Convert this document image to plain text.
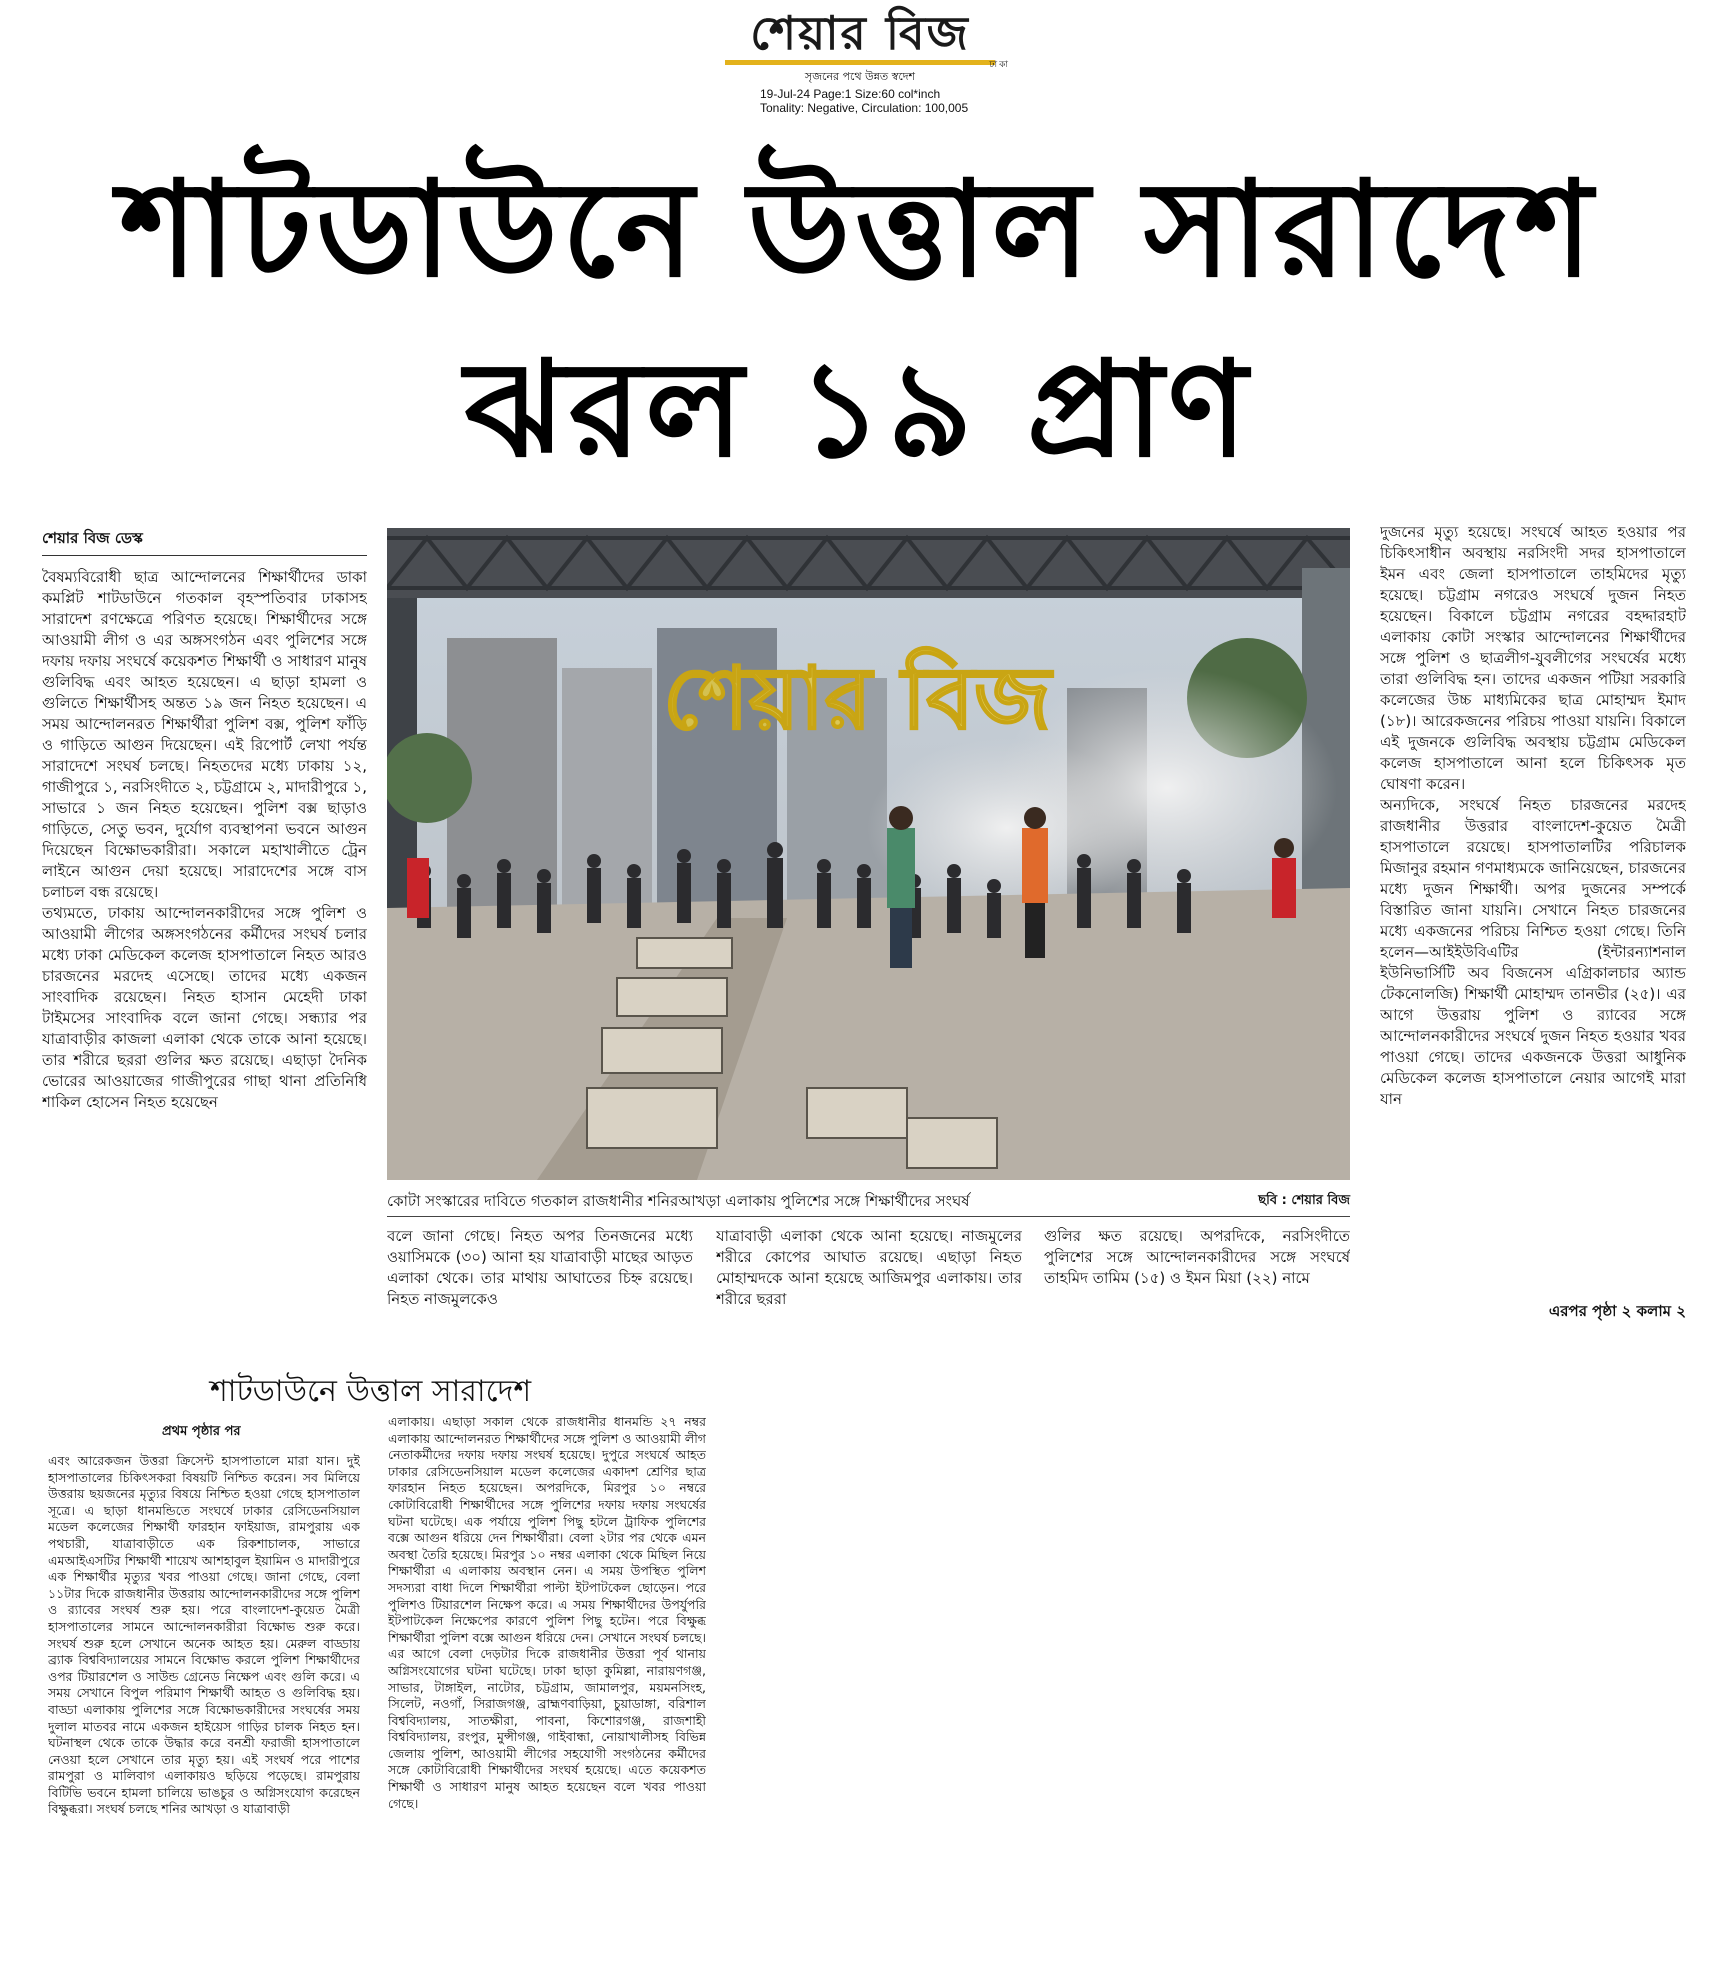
শেয়ার বিজ
ঢাকা
সৃজনের পথে উন্নত স্বদেশ
19-Jul-24 Page:1 Size:60 col*inch
Tonality: Negative, Circulation: 100,005
শাটডাউনে উত্তাল সারাদেশ
ঝরল ১৯ প্রাণ
শেয়ার বিজ ডেস্ক

বৈষম্যবিরোধী ছাত্র আন্দোলনের শিক্ষার্থীদের ডাকা কমপ্লিট শাটডাউনে গতকাল বৃহস্পতিবার ঢাকাসহ সারাদেশ রণক্ষেত্রে পরিণত হয়েছে। শিক্ষার্থীদের সঙ্গে আওয়ামী লীগ ও এর অঙ্গসংগঠন এবং পুলিশের সঙ্গে দফায় দফায় সংঘর্ষে কয়েকশত শিক্ষার্থী ও সাধারণ মানুষ গুলিবিদ্ধ এবং আহত হয়েছেন। এ ছাড়া হামলা ও গুলিতে শিক্ষার্থীসহ অন্তত ১৯ জন নিহত হয়েছেন। এ সময় আন্দোলনরত শিক্ষার্থীরা পুলিশ বক্স, পুলিশ ফাঁড়ি ও গাড়িতে আগুন দিয়েছেন। এই রিপোর্ট লেখা পর্যন্ত সারাদেশে সংঘর্ষ চলছে। নিহতদের মধ্যে ঢাকায় ১২, গাজীপুরে ১, নরসিংদীতে ২, চট্টগ্রামে ২, মাদারীপুরে ১, সাভারে ১ জন নিহত হয়েছেন। পুলিশ বক্স ছাড়াও গাড়িতে, সেতু ভবন, দুর্যোগ ব্যবস্থাপনা ভবনে আগুন দিয়েছেন বিক্ষোভকারীরা। সকালে মহাখালীতে ট্রেন লাইনে আগুন দেয়া হয়েছে। সারাদেশের সঙ্গে বাস চলাচল বন্ধ রয়েছে।

তথ্যমতে, ঢাকায় আন্দোলনকারীদের সঙ্গে পুলিশ ও আওয়ামী লীগের অঙ্গসংগঠনের কর্মীদের সংঘর্ষ চলার মধ্যে ঢাকা মেডিকেল কলেজ হাসপাতালে নিহত আরও চারজনের মরদেহ এসেছে। তাদের মধ্যে একজন সাংবাদিক রয়েছেন। নিহত হাসান মেহেদী ঢাকা টাইমসের সাংবাদিক বলে জানা গেছে। সন্ধ্যার পর যাত্রাবাড়ীর কাজলা এলাকা থেকে তাকে আনা হয়েছে। তার শরীরে ছররা গুলির ক্ষত রয়েছে। এছাড়া দৈনিক ভোরের আওয়াজের গাজীপুরের গাছা থানা প্রতিনিধি শাকিল হোসেন নিহত হয়েছেন

শেয়ার বিজ
কোটা সংস্কারের দাবিতে গতকাল রাজধানীর শনিরআখড়া এলাকায় পুলিশের সঙ্গে শিক্ষার্থীদের সংঘর্ষ	ছবি : শেয়ার বিজ
বলে জানা গেছে। নিহত অপর তিনজনের মধ্যে ওয়াসিমকে (৩০) আনা হয় যাত্রাবাড়ী মাছের আড়ত এলাকা থেকে। তার মাথায় আঘাতের চিহ্ন রয়েছে। নিহত নাজমুলকেও
যাত্রাবাড়ী এলাকা থেকে আনা হয়েছে। নাজমুলের শরীরে কোপের আঘাত রয়েছে। এছাড়া নিহত মোহাম্মদকে আনা হয়েছে আজিমপুর এলাকায়। তার শরীরে ছররা
গুলির ক্ষত রয়েছে। অপরদিকে, নরসিংদীতে পুলিশের সঙ্গে আন্দোলনকারীদের সঙ্গে সংঘর্ষে তাহমিদ তামিম (১৫) ও ইমন মিয়া (২২) নামে

দুজনের মৃত্যু হয়েছে। সংঘর্ষে আহত হওয়ার পর চিকিৎসাধীন অবস্থায় নরসিংদী সদর হাসপাতালে ইমন এবং জেলা হাসপাতালে তাহমিদের মৃত্যু হয়েছে। চট্টগ্রাম নগরেও সংঘর্ষে দুজন নিহত হয়েছেন। বিকালে চট্টগ্রাম নগরের বহদ্দারহাট এলাকায় কোটা সংস্কার আন্দোলনের শিক্ষার্থীদের সঙ্গে পুলিশ ও ছাত্রলীগ-যুবলীগের সংঘর্ষের মধ্যে তারা গুলিবিদ্ধ হন। তাদের একজন পটিয়া সরকারি কলেজের উচ্চ মাধ্যমিকের ছাত্র মোহাম্মদ ইমাদ (১৮)। আরেকজনের পরিচয় পাওয়া যায়নি। বিকালে এই দুজনকে গুলিবিদ্ধ অবস্থায় চট্টগ্রাম মেডিকেল কলেজ হাসপাতালে আনা হলে চিকিৎসক মৃত ঘোষণা করেন।

অন্যদিকে, সংঘর্ষে নিহত চারজনের মরদেহ রাজধানীর উত্তরার বাংলাদেশ-কুয়েত মৈত্রী হাসপাতালে রয়েছে। হাসপাতালটির পরিচালক মিজানুর রহমান গণমাধ্যমকে জানিয়েছেন, চারজনের মধ্যে দুজন শিক্ষার্থী। অপর দুজনের সম্পর্কে বিস্তারিত জানা যায়নি। সেখানে নিহত চারজনের মধ্যে একজনের পরিচয় নিশ্চিত হওয়া গেছে। তিনি হলেন—আইইউবিএটির (ইন্টারন্যাশনাল ইউনিভার্সিটি অব বিজনেস এগ্রিকালচার অ্যান্ড টেকনোলজি) শিক্ষার্থী মোহাম্মদ তানভীর (২৫)। এর আগে উত্তরায় পুলিশ ও র‍্যাবের সঙ্গে আন্দোলনকারীদের সংঘর্ষে দুজন নিহত হওয়ার খবর পাওয়া গেছে। তাদের একজনকে উত্তরা আধুনিক মেডিকেল কলেজ হাসপাতালে নেয়ার আগেই মারা যান

এরপর পৃষ্ঠা ২ কলাম ২
শাটডাউনে উত্তাল সারাদেশ
প্রথম পৃষ্ঠার পর
এবং আরেকজন উত্তরা ক্রিসেন্ট হাসপাতালে মারা যান। দুই হাসপাতালের চিকিৎসকরা বিষয়টি নিশ্চিত করেন। সব মিলিয়ে উত্তরায় ছয়জনের মৃত্যুর বিষয়ে নিশ্চিত হওয়া গেছে হাসপাতাল সূত্রে। এ ছাড়া ধানমন্ডিতে সংঘর্ষে ঢাকার রেসিডেনসিয়াল মডেল কলেজের শিক্ষার্থী ফারহান ফাইয়াজ, রামপুরায় এক পথচারী, যাত্রাবাড়ীতে এক রিকশাচালক, সাভারে এমআইএসটির শিক্ষার্থী শায়েখ আশহাবুল ইয়ামিন ও মাদারীপুরে এক শিক্ষার্থীর মৃত্যুর খবর পাওয়া গেছে। জানা গেছে, বেলা ১১টার দিকে রাজধানীর উত্তরায় আন্দোলনকারীদের সঙ্গে পুলিশ ও র‍্যাবের সংঘর্ষ শুরু হয়। পরে বাংলাদেশ-কুয়েত মৈত্রী হাসপাতালের সামনে আন্দোলনকারীরা বিক্ষোভ শুরু করে। সংঘর্ষ শুরু হলে সেখানে অনেক আহত হয়। মেরুল বাড্ডায় ব্র্যাক বিশ্ববিদ্যালয়ের সামনে বিক্ষোভ করলে পুলিশ শিক্ষার্থীদের ওপর টিয়ারশেল ও সাউন্ড গ্রেনেড নিক্ষেপ এবং গুলি করে। এ সময় সেখানে বিপুল পরিমাণ শিক্ষার্থী আহত ও গুলিবিদ্ধ হয়। বাড্ডা এলাকায় পুলিশের সঙ্গে বিক্ষোভকারীদের সংঘর্ষের সময় দুলাল মাতবর নামে একজন হাইয়েস গাড়ির চালক নিহত হন। ঘটনাস্থল থেকে তাকে উদ্ধার করে বনশ্রী ফরাজী হাসপাতালে নেওয়া হলে সেখানে তার মৃত্যু হয়। এই সংঘর্ষ পরে পাশের রামপুরা ও মালিবাগ এলাকায়ও ছড়িয়ে পড়েছে। রামপুরায় বিটিভি ভবনে হামলা চালিয়ে ভাঙচুর ও অগ্নিসংযোগ করেছেন বিক্ষুব্ধরা। সংঘর্ষ চলছে শনির আখড়া ও যাত্রাবাড়ী
এলাকায়। এছাড়া সকাল থেকে রাজধানীর ধানমন্ডি ২৭ নম্বর এলাকায় আন্দোলনরত শিক্ষার্থীদের সঙ্গে পুলিশ ও আওয়ামী লীগ নেতাকর্মীদের দফায় দফায় সংঘর্ষ হয়েছে। দুপুরে সংঘর্ষে আহত ঢাকার রেসিডেনসিয়াল মডেল কলেজের একাদশ শ্রেণির ছাত্র ফারহান নিহত হয়েছেন। অপরদিকে, মিরপুর ১০ নম্বরে কোটাবিরোধী শিক্ষার্থীদের সঙ্গে পুলিশের দফায় দফায় সংঘর্ষের ঘটনা ঘটেছে। এক পর্যায়ে পুলিশ পিছু হটলে ট্রাফিক পুলিশের বক্সে আগুন ধরিয়ে দেন শিক্ষার্থীরা। বেলা ২টার পর থেকে এমন অবস্থা তৈরি হয়েছে। মিরপুর ১০ নম্বর এলাকা থেকে মিছিল নিয়ে শিক্ষার্থীরা এ এলাকায় অবস্থান নেন। এ সময় উপস্থিত পুলিশ সদস্যরা বাধা দিলে শিক্ষার্থীরা পাল্টা ইটপাটকেল ছোড়েন। পরে পুলিশও টিয়ারশেল নিক্ষেপ করে। এ সময় শিক্ষার্থীদের উপর্যুপরি ইটপাটকেল নিক্ষেপের কারণে পুলিশ পিছু হটেন। পরে বিক্ষুব্ধ শিক্ষার্থীরা পুলিশ বক্সে আগুন ধরিয়ে দেন। সেখানে সংঘর্ষ চলছে। এর আগে বেলা দেড়টার দিকে রাজধানীর উত্তরা পূর্ব থানায় অগ্নিসংযোগের ঘটনা ঘটেছে। ঢাকা ছাড়া কুমিল্লা, নারায়ণগঞ্জ, সাভার, টাঙ্গাইল, নাটোর, চট্টগ্রাম, জামালপুর, ময়মনসিংহ, সিলেট, নওগাঁ, সিরাজগঞ্জ, ব্রাহ্মণবাড়িয়া, চুয়াডাঙ্গা, বরিশাল বিশ্ববিদ্যালয়, সাতক্ষীরা, পাবনা, কিশোরগঞ্জ, রাজশাহী বিশ্ববিদ্যালয়, রংপুর, মুন্সীগঞ্জ, গাইবান্ধা, নোয়াখালীসহ বিভিন্ন জেলায় পুলিশ, আওয়ামী লীগের সহযোগী সংগঠনের কর্মীদের সঙ্গে কোটাবিরোধী শিক্ষার্থীদের সংঘর্ষ হয়েছে। এতে কয়েকশত শিক্ষার্থী ও সাধারণ মানুষ আহত হয়েছেন বলে খবর পাওয়া গেছে।
